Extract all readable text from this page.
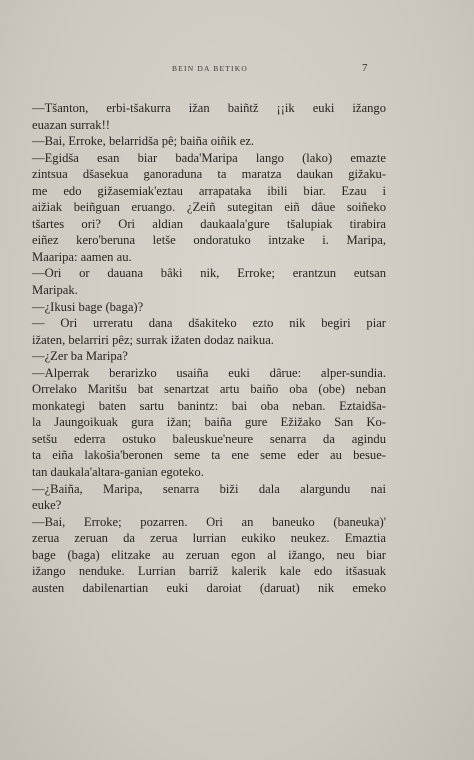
BEIN DA BETIKO	7
—Tšanton, erbi-tšakurra ižan baiñtž ¡¡ik euki ižango
euazan surrak!!
—Bai, Erroke, belarridša pê; baiña oiñik ez.
—Egidša esan biar bada'Maripa lango (lako) emazte
zintsua dšasekua ganoraduna ta maratza daukan gižaku-
me edo gižasemiak'eztau arrapataka ibili biar. Ezau i
aižiak beiñguan eruango. ¿Zeiñ sutegitan eiñ dâue soiñeko
tšartes ori? Ori aldian daukaala'gure tšalupiak tirabira
eiñez kero'beruna letše ondoratuko intzake i. Maripa,
Maaripa: aamen au.
—Ori or dauana bâki nik, Erroke; erantzun eutsan
Maripak.
—¿Ikusi bage (baga)?
— Ori urreratu dana dšakiteko ezto nik begiri piar
ižaten, belarriri pêz; surrak ižaten dodaz naikua.
—¿Zer ba Maripa?
—Alperrak berarizko usaiña euki dârue: alper-sundia.
Orrelako Maritšu bat senartzat artu baiño oba (obe) neban
monkategi baten sartu banintz: bai oba neban. Eztaidša-
la Jaungoikuak gura ižan; baiña gure Ežižako San Ko-
setšu ederra ostuko baleuskue'neure senarra da agindu
ta eiña lakošia'beronen seme ta ene seme eder au besue-
tan daukala'altara-ganian egoteko.
—¿Baiña, Maripa, senarra biži dala alargundu nai
euke?
—Bai, Erroke; pozarren. Ori an baneuko (baneuka)'
zerua zeruan da zerua lurrian eukiko neukez. Emaztia
bage (baga) elitzake au zeruan egon al ižango, neu biar
ižango nenduke. Lurrian barriž kalerik kale edo itšasuak
austen dabilenartian euki daroiat (daruat) nik emeko
